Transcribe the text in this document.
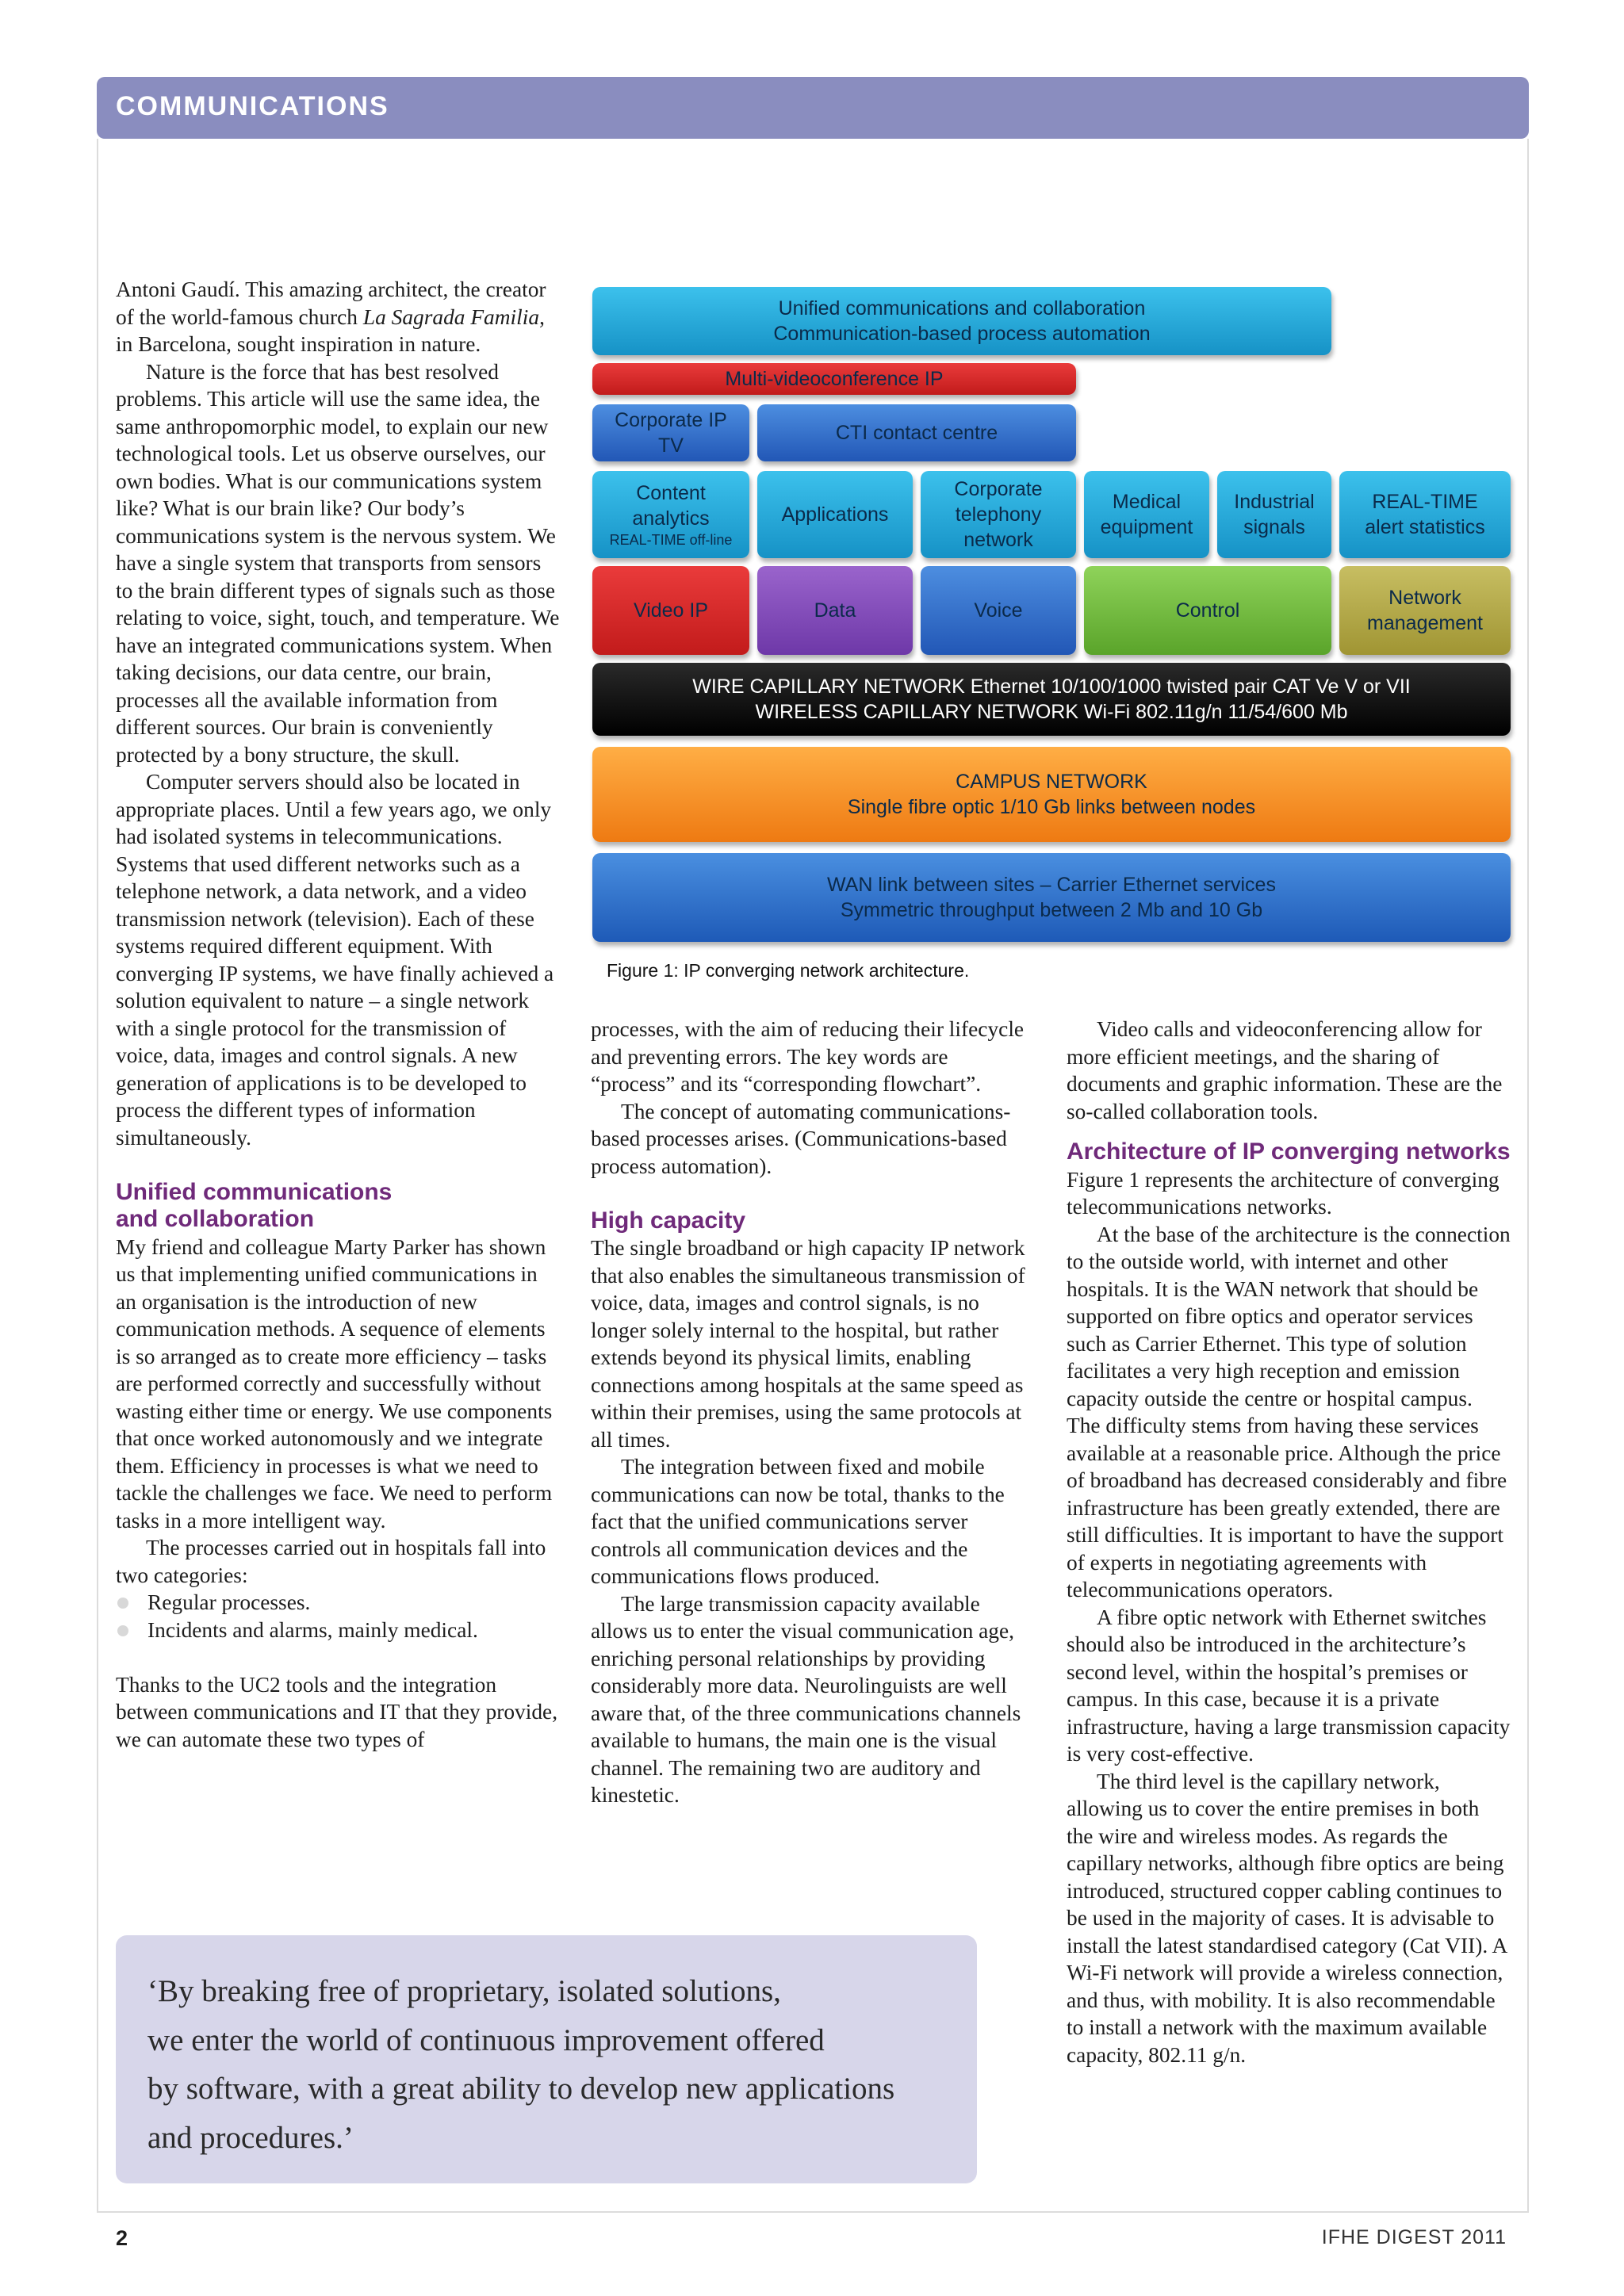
COMMUNICATIONS

Antoni Gaudí. This amazing architect, the creator of the world-famous church La Sagrada Familia, in Barcelona, sought inspiration in nature.

Nature is the force that has best resolved problems. This article will use the same idea, the same anthropomorphic model, to explain our new technological tools. Let us observe ourselves, our own bodies. What is our communications system like? What is our brain like? Our body’s communications system is the nervous system. We have a single system that transports from sensors to the brain different types of signals such as those relating to voice, sight, touch, and temperature. We have an integrated communications system. When taking decisions, our data centre, our brain, processes all the available information from different sources. Our brain is conveniently protected by a bony structure, the skull.

Computer servers should also be located in appropriate places. Until a few years ago, we only had isolated systems in telecommunications. Systems that used different networks such as a telephone network, a data network, and a video transmission network (television). Each of these systems required different equipment. With converging IP systems, we have finally achieved a solution equivalent to nature – a single network with a single protocol for the transmission of voice, data, images and control signals. A new generation of applications is to be developed to process the different types of information simultaneously.

Unified communications
and collaboration

My friend and colleague Marty Parker has shown us that implementing unified communications in an organisation is the introduction of new communication methods. A sequence of elements is so arranged as to create more efficiency – tasks are performed correctly and successfully without wasting either time or energy. We use components that once worked autonomously and we integrate them. Efficiency in processes is what we need to tackle the challenges we face. We need to perform tasks in a more intelligent way.

The processes carried out in hospitals fall into two categories:

Regular processes.
Incidents and alarms, mainly medical.

Thanks to the UC2 tools and the integration between communications and IT that they provide, we can automate these two types of

Unified communications and collaboration
Communication-based process automation
Multi-videoconference IP
Corporate IP
TV
CTI contact centre
Content
analytics
REAL-TIME off-line
Applications
Corporate
telephony
network
Medical
equipment
Industrial
signals
REAL-TIME
alert statistics
Video IP	Data	Voice	Control
Network
management
WIRE CAPILLARY NETWORK Ethernet 10/100/1000 twisted pair CAT Ve V or VII
WIRELESS CAPILLARY NETWORK Wi-Fi 802.11g/n 11/54/600 Mb
CAMPUS NETWORK
Single fibre optic 1/10 Gb links between nodes
WAN link between sites – Carrier Ethernet services
Symmetric throughput between 2 Mb and 10 Gb
Figure 1: IP converging network architecture.

processes, with the aim of reducing their lifecycle and preventing errors. The key words are “process” and its “corresponding flowchart”.

The concept of automating communications-based processes arises. (Communications-based process automation).

High capacity

The single broadband or high capacity IP network that also enables the simultaneous transmission of voice, data, images and control signals, is no longer solely internal to the hospital, but rather extends beyond its physical limits, enabling connections among hospitals at the same speed as within their premises, using the same protocols at all times.

The integration between fixed and mobile communications can now be total, thanks to the fact that the unified communications server controls all communication devices and the communications flows produced.

The large transmission capacity available allows us to enter the visual communication age, enriching personal relationships by providing considerably more data. Neurolinguists are well aware that, of the three communications channels available to humans, the main one is the visual channel. The remaining two are auditory and kinestetic.

Video calls and videoconferencing allow for more efficient meetings, and the sharing of documents and graphic information. These are the so-called collaboration tools.

Architecture of IP converging networks

Figure 1 represents the architecture of converging telecommunications networks.

At the base of the architecture is the connection to the outside world, with internet and other hospitals. It is the WAN network that should be supported on fibre optics and operator services such as Carrier Ethernet. This type of solution facilitates a very high reception and emission capacity outside the centre or hospital campus. The difficulty stems from having these services available at a reasonable price. Although the price of broadband has decreased considerably and fibre infrastructure has been greatly extended, there are still difficulties. It is important to have the support of experts in negotiating agreements with telecommunications operators.

A fibre optic network with Ethernet switches should also be introduced in the architecture’s second level, within the hospital’s premises or campus. In this case, because it is a private infrastructure, having a large transmission capacity is very cost-effective.

The third level is the capillary network, allowing us to cover the entire premises in both the wire and wireless modes. As regards the capillary networks, although fibre optics are being introduced, structured copper cabling continues to be used in the majority of cases. It is advisable to install the latest standardised category (Cat VII). A Wi-Fi network will provide a wireless connection, and thus, with mobility. It is also recommendable to install a network with the maximum available capacity, 802.11 g/n.

‘By breaking free of proprietary, isolated solutions,
we enter the world of continuous improvement offered
by software, with a great ability to develop new applications
and procedures.’
2	IFHE DIGEST 2011
